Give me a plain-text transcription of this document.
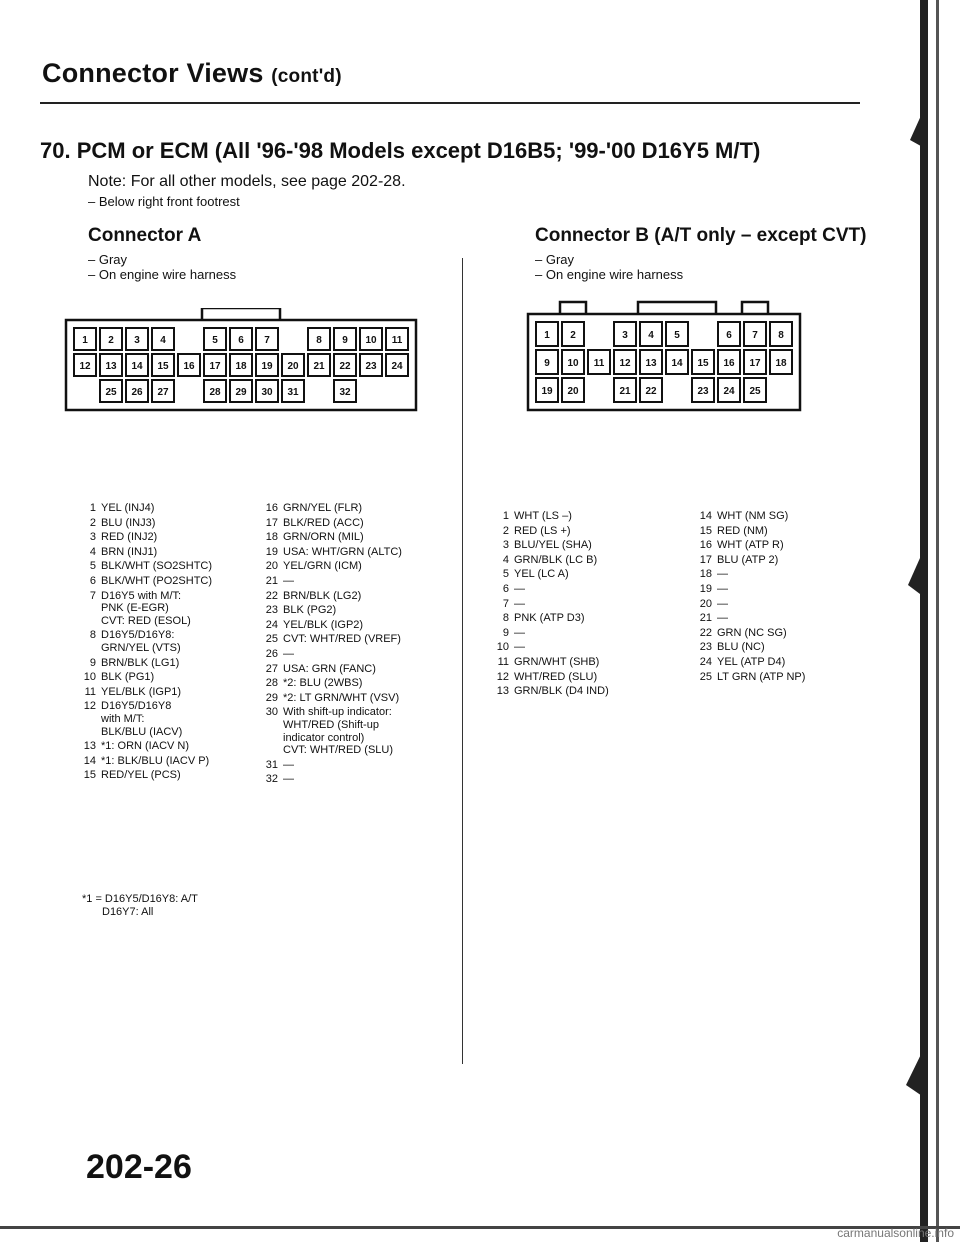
Connector Views (cont'd)
70. PCM or ECM (All '96-'98 Models except D16B5; '99-'00 D16Y5 M/T)
Note: For all other models, see page 202-28.
– Below right front footrest
Connector A
– Gray
– On engine wire harness
1 2 3 4	5 6 7	8 9 10 11
12 13 14 15 16 17 18 19 20 21 22 23 24
25 26 27	28 29 30 31	32
1 YEL (INJ4)
2 BLU (INJ3)
3 RED (INJ2)
4 BRN (INJ1)
5 BLK/WHT (SO2SHTC)
6 BLK/WHT (PO2SHTC)
7 D16Y5 with M/T:
PNK (E-EGR)
CVT: RED (ESOL)
8 D16Y5/D16Y8:
GRN/YEL (VTS)
9 BRN/BLK (LG1)
10 BLK (PG1)
11 YEL/BLK (IGP1)
12 D16Y5/D16Y8
with M/T:
BLK/BLU (IACV)
13 *1: ORN (IACV N)
14 *1: BLK/BLU (IACV P)
15 RED/YEL (PCS)
16 GRN/YEL (FLR)
17 BLK/RED (ACC)
18 GRN/ORN (MIL)
19 USA: WHT/GRN (ALTC)
20 YEL/GRN (ICM)
21 —
22 BRN/BLK (LG2)
23 BLK (PG2)
24 YEL/BLK (IGP2)
25 CVT: WHT/RED (VREF)
26 —
27 USA: GRN (FANC)
28 *2: BLU (2WBS)
29 *2: LT GRN/WHT (VSV)
30 With shift-up indicator:
WHT/RED (Shift-up
indicator control)
CVT: WHT/RED (SLU)
31 —
32 —
*1 = D16Y5/D16Y8: A/T
D16Y7: All
Connector B (A/T only – except CVT)
– Gray
– On engine wire harness
1 2	3 4 5	6 7 8
9 10 11 12 13 14 15 16 17 18
19 20	21 22	23 24 25
1 WHT (LS –)
2 RED (LS +)
3 BLU/YEL (SHA)
4 GRN/BLK (LC B)
5 YEL (LC A)
6 —
7 —
8 PNK (ATP D3)
9 —
10 —
11 GRN/WHT (SHB)
12 WHT/RED (SLU)
13 GRN/BLK (D4 IND)
14 WHT (NM SG)
15 RED (NM)
16 WHT (ATP R)
17 BLU (ATP 2)
18 —
19 —
20 —
21 —
22 GRN (NC SG)
23 BLU (NC)
24 YEL (ATP D4)
25 LT GRN (ATP NP)
202-26
carmanualsonline.info
